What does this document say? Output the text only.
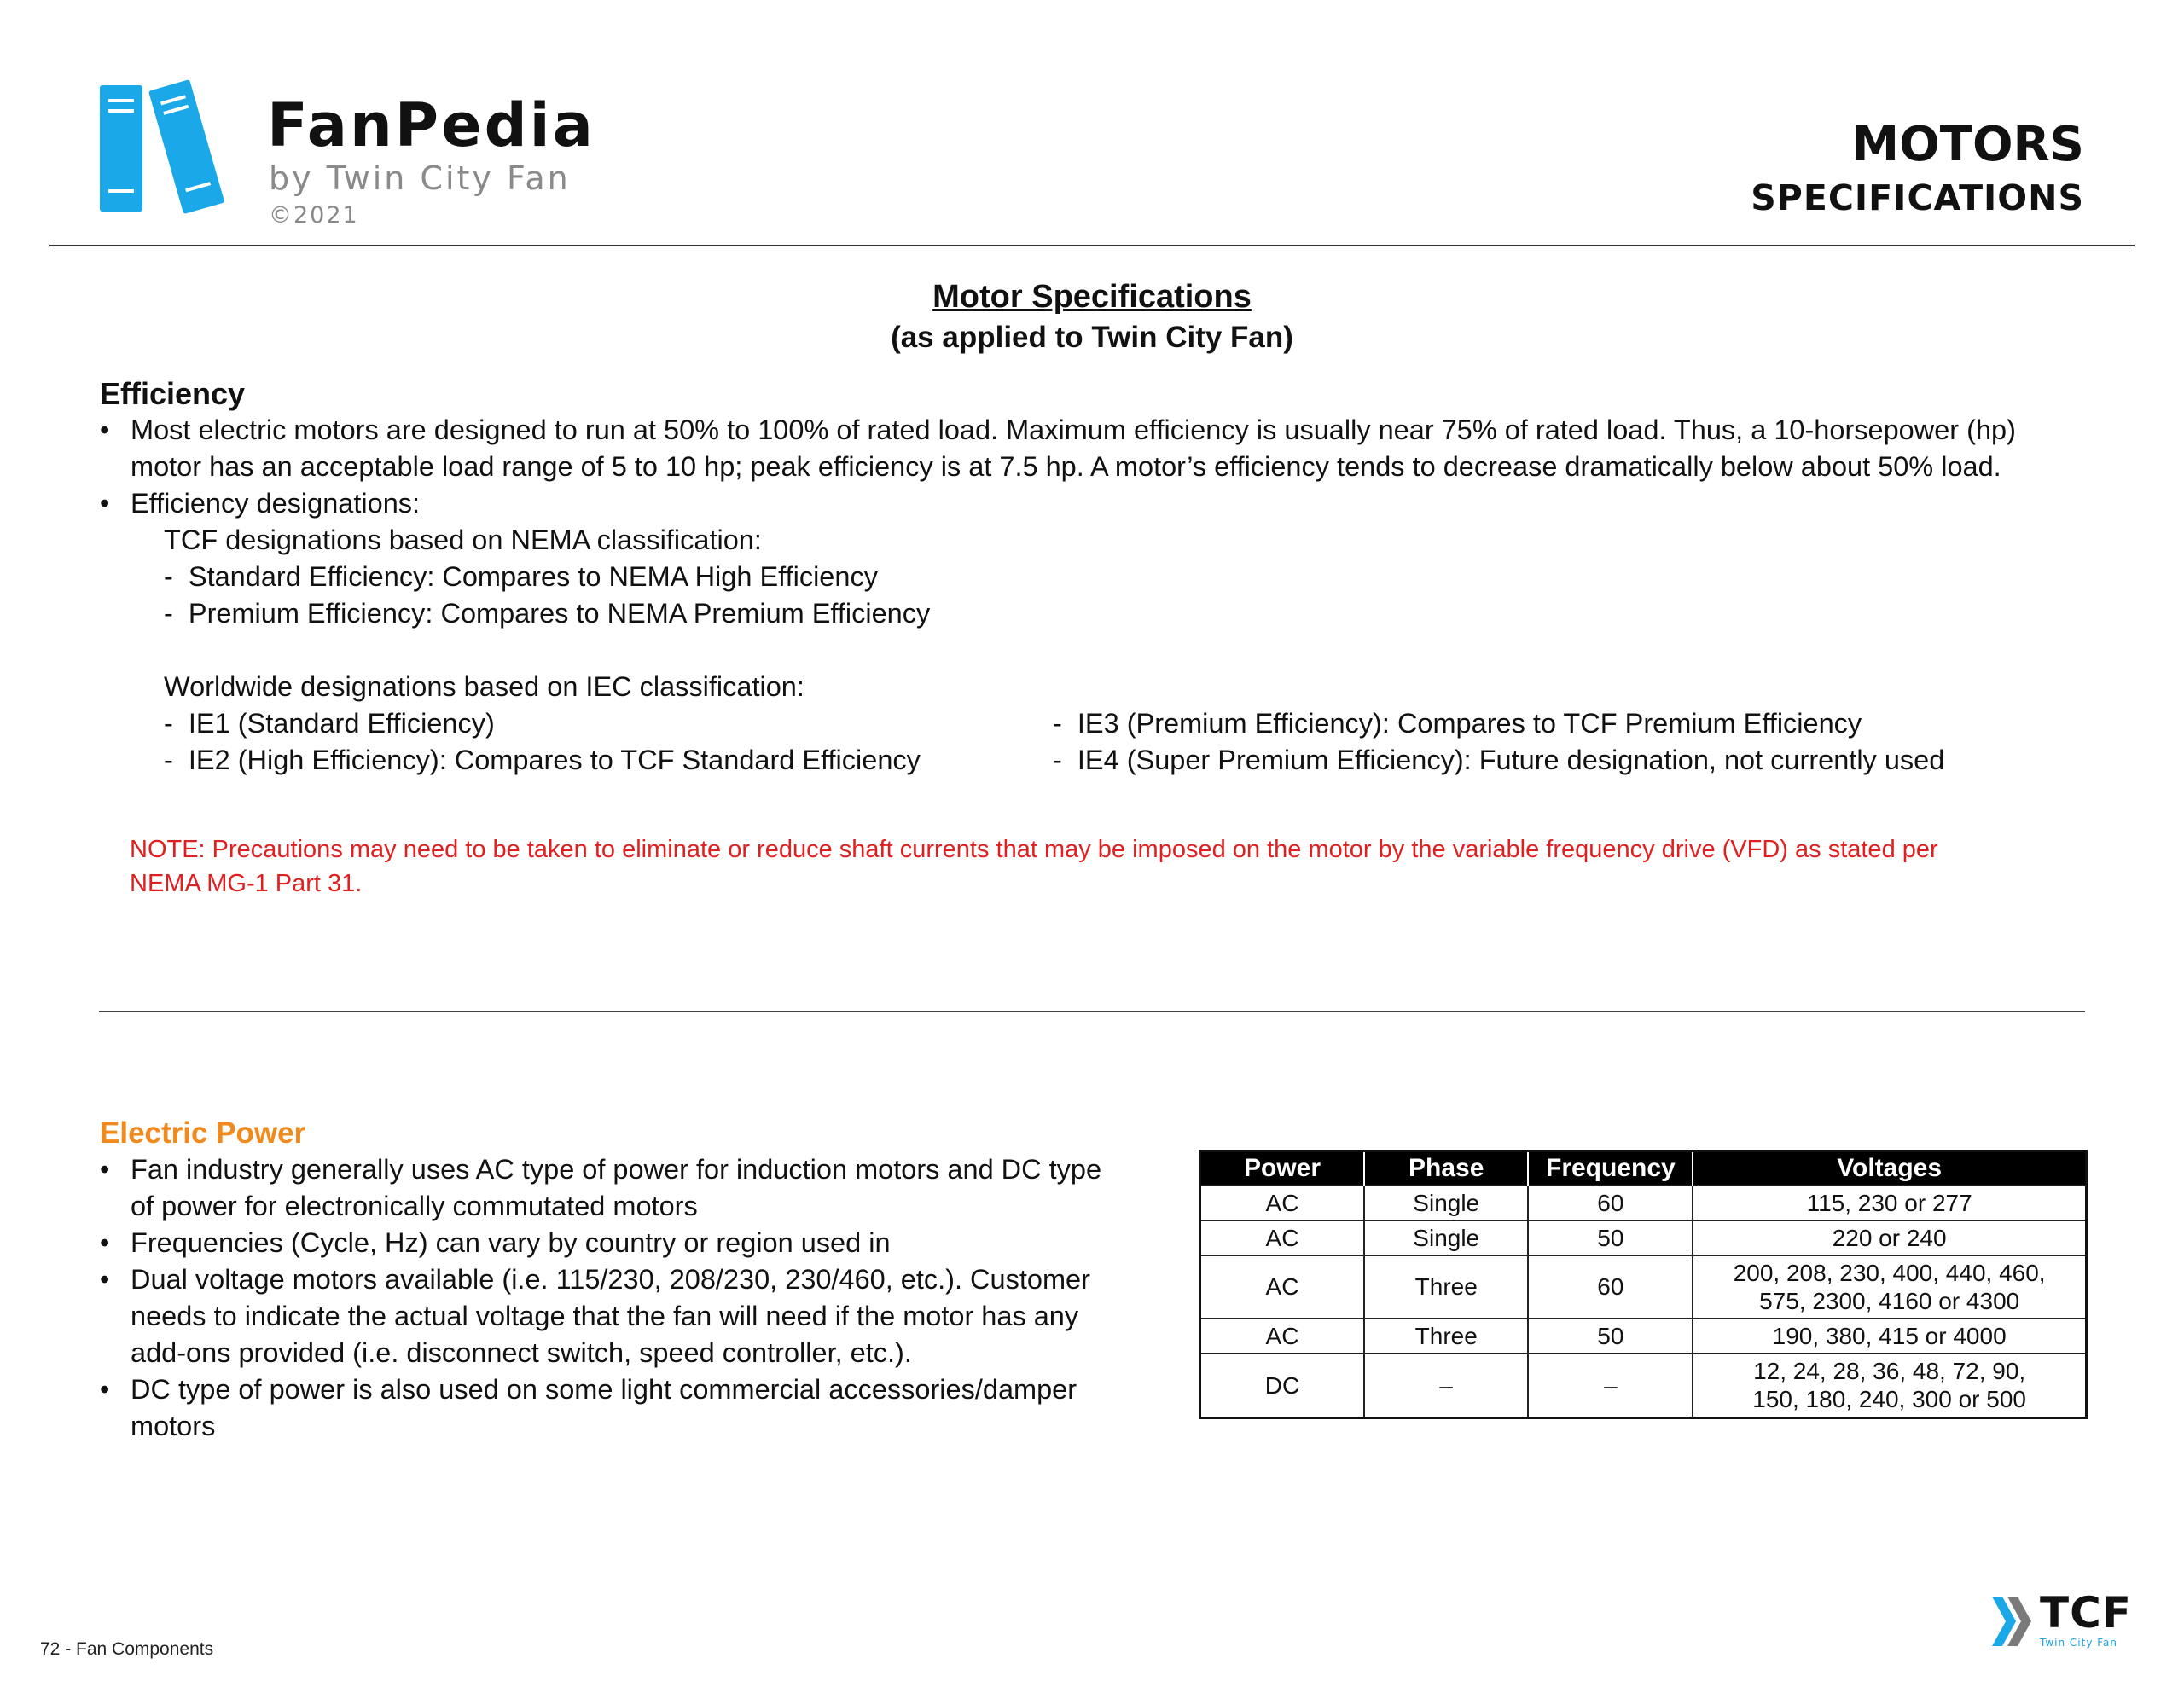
FanPedia
by Twin City Fan
©2021
MOTORS
SPECIFICATIONS
Motor Specifications
(as applied to Twin City Fan)
Efficiency
• Most electric motors are designed to run at 50% to 100% of rated load. Maximum efficiency is usually near 75% of rated load. Thus, a 10-horsepower (hp)
motor has an acceptable load range of 5 to 10 hp; peak efficiency is at 7.5 hp. A motor’s efficiency tends to decrease dramatically below about 50% load.
• Efficiency designations:
TCF designations based on NEMA classification:
-  Standard Efficiency: Compares to NEMA High Efficiency
-  Premium Efficiency: Compares to NEMA Premium Efficiency
Worldwide designations based on IEC classification:
-  IE1 (Standard Efficiency)
-  IE2 (High Efficiency): Compares to TCF Standard Efficiency
-  IE3 (Premium Efficiency): Compares to TCF Premium Efficiency
-  IE4 (Super Premium Efficiency): Future designation, not currently used
NOTE: Precautions may need to be taken to eliminate or reduce shaft currents that may be imposed on the motor by the variable frequency drive (VFD) as stated per
NEMA MG-1 Part 31.
Electric Power
• Fan industry generally uses AC type of power for induction motors and DC type
of power for electronically commutated motors
• Frequencies (Cycle, Hz) can vary by country or region used in
• Dual voltage motors available (i.e. 115/230, 208/230, 230/460, etc.). Customer
needs to indicate the actual voltage that the fan will need if the motor has any
add-ons provided (i.e. disconnect switch, speed controller, etc.).
• DC type of power is also used on some light commercial accessories/damper
motors
Power	Phase	Frequency	Voltages
AC	Single	60	115, 230 or 277

AC	Single	50	220 or 240

AC	Three	60	200, 208, 230, 400, 440, 460,
575, 2300, 4160 or 4300

AC	Three	50	190, 380, 415 or 4000

DC	–	–	12, 24, 28, 36, 48, 72, 90,
150, 180, 240, 300 or 500
72 - Fan Components
TCF
Twin City Fan
